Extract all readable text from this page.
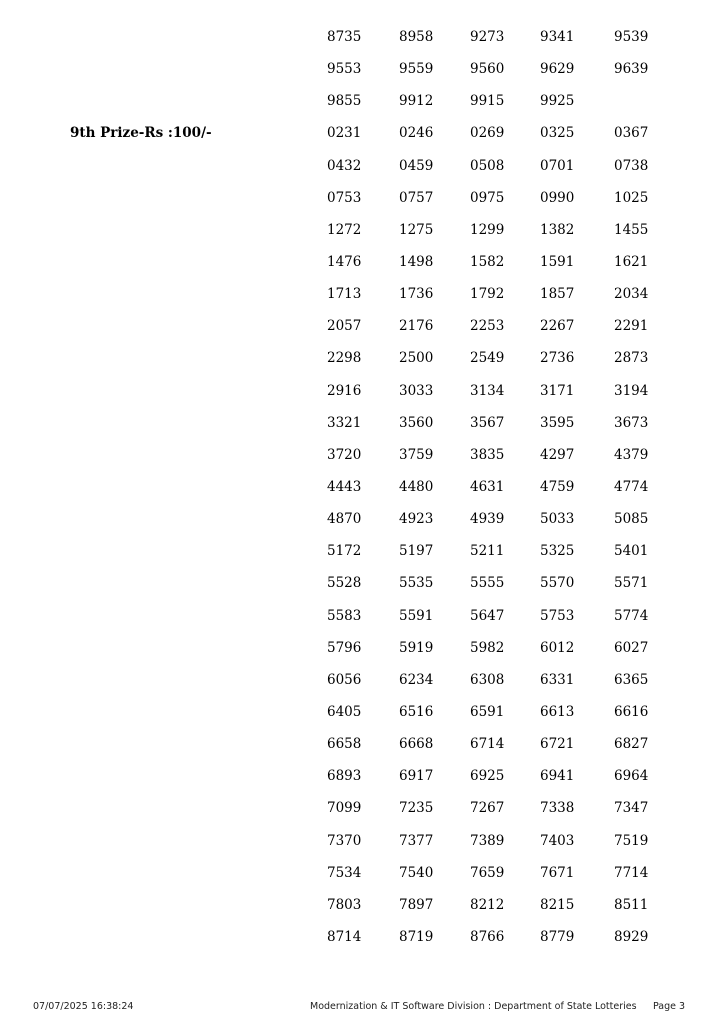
9th Prize-Rs :100/-
8735	8958	9273	9341	9539
9553	9559	9560	9629	9639
9855	9912	9915	9925
0231	0246	0269	0325	0367
0432	0459	0508	0701	0738
0753	0757	0975	0990	1025
1272	1275	1299	1382	1455
1476	1498	1582	1591	1621
1713	1736	1792	1857	2034
2057	2176	2253	2267	2291
2298	2500	2549	2736	2873
2916	3033	3134	3171	3194
3321	3560	3567	3595	3673
3720	3759	3835	4297	4379
4443	4480	4631	4759	4774
4870	4923	4939	5033	5085
5172	5197	5211	5325	5401
5528	5535	5555	5570	5571
5583	5591	5647	5753	5774
5796	5919	5982	6012	6027
6056	6234	6308	6331	6365
6405	6516	6591	6613	6616
6658	6668	6714	6721	6827
6893	6917	6925	6941	6964
7099	7235	7267	7338	7347
7370	7377	7389	7403	7519
7534	7540	7659	7671	7714
7803	7897	8212	8215	8511
8714	8719	8766	8779	8929
07/07/2025 16:38:24	Modernization & IT Software Division : Department of State Lotteries Page 3
